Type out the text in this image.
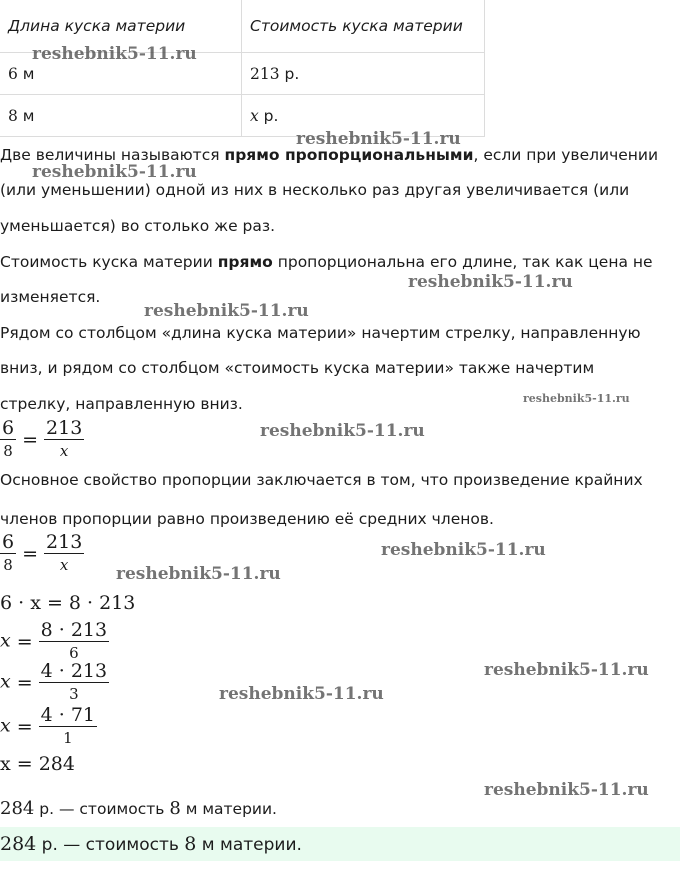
Длина куска материи	Стоимость куска материи
6 м	213 р.
8 м	x р.

Две величины называются прямо пропорциональными, если при увеличении

(или уменьшении) одной из них в несколько раз другая увеличивается (или

уменьшается) во столько же раз.

Стоимость куска материи прямо пропорциональна его длине, так как цена не

изменяется.

Рядом со столбцом «длина куска материи» начертим стрелку, направленную

вниз, и рядом со столбцом «стоимость куска материи» также начертим

стрелку, направленную вниз.

$\frac{6}{8} = \frac{213}{x}$

Основное свойство пропорции заключается в том, что произведение крайних

членов пропорции равно произведению её средних членов.

$\frac{6}{8} = \frac{213}{x}$
6 · x = 8 · 213
$x = \frac{8 \cdot 213}{6}$
$x = \frac{4 \cdot 213}{3}$
$x = \frac{4 \cdot 71}{1}$
x = 284

284 р. — стоимость 8 м материи.

284 р. — стоимость 8 м материи.
reshebnik5-11.ru
reshebnik5-11.ru
reshebnik5-11.ru
reshebnik5-11.ru
reshebnik5-11.ru
reshebnik5-11.ru
reshebnik5-11.ru
reshebnik5-11.ru
reshebnik5-11.ru
reshebnik5-11.ru
reshebnik5-11.ru
reshebnik5-11.ru
